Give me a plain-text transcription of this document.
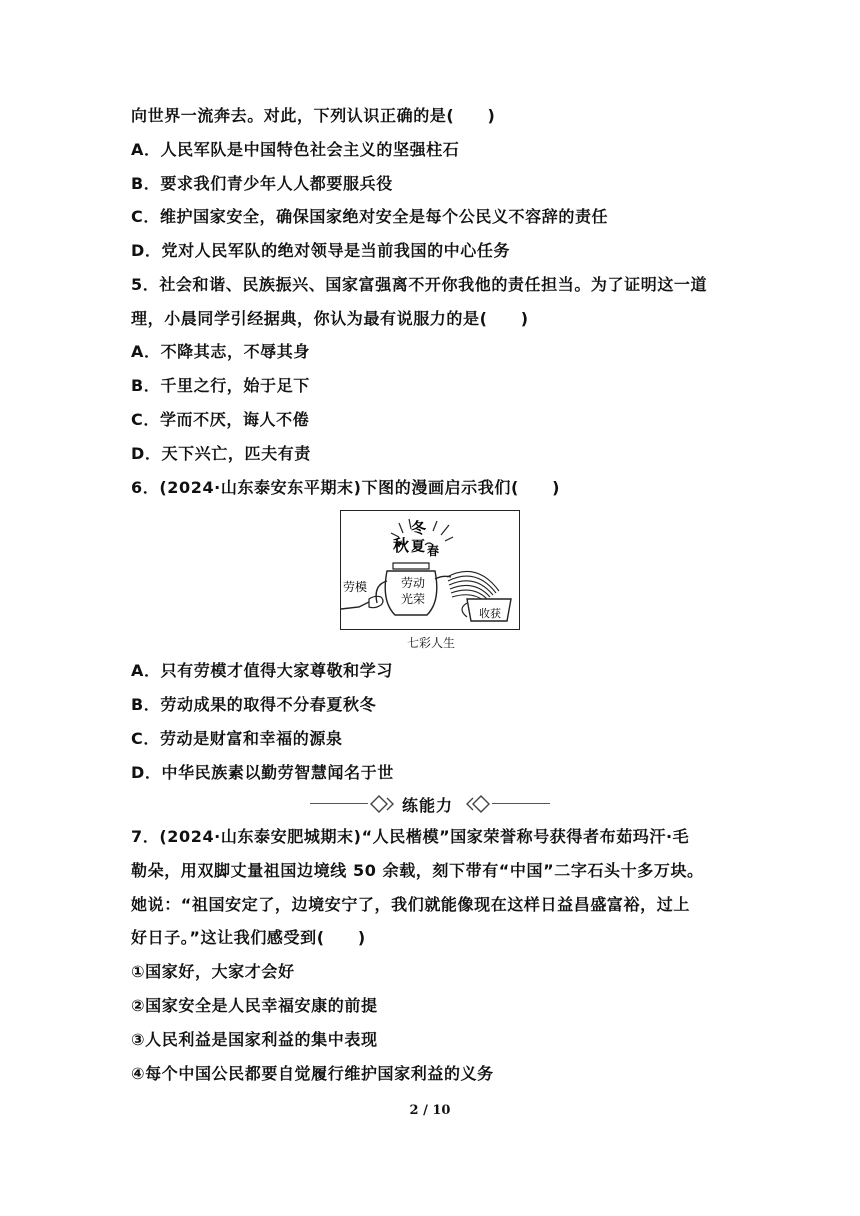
向世界一流奔去。对此，下列认识正确的是(　　)
A．人民军队是中国特色社会主义的坚强柱石
B．要求我们青少年人人都要服兵役
C．维护国家安全，确保国家绝对安全是每个公民义不容辞的责任
D．党对人民军队的绝对领导是当前我国的中心任务
5．社会和谐、民族振兴、国家富强离不开你我他的责任担当。为了证明这一道
理，小晨同学引经据典，你认为最有说服力的是(　　)
A．不降其志，不辱其身
B．千里之行，始于足下
C．学而不厌，诲人不倦
D．天下兴亡，匹夫有责
6．(2024·山东泰安东平期末)下图的漫画启示我们(　　)
冬
秋 夏 春
劳模	劳动
光荣
收获
七彩人生
A．只有劳模才值得大家尊敬和学习
B．劳动成果的取得不分春夏秋冬
C．劳动是财富和幸福的源泉
D．中华民族素以勤劳智慧闻名于世
练能力
7．(2024·山东泰安肥城期末)“人民楷模”国家荣誉称号获得者布茹玛汗·毛
勒朵，用双脚丈量祖国边境线 50 余载，刻下带有“中国”二字石头十多万块。
她说：“祖国安定了，边境安宁了，我们就能像现在这样日益昌盛富裕，过上
好日子。”这让我们感受到(　　)
①国家好，大家才会好
②国家安全是人民幸福安康的前提
③人民利益是国家利益的集中表现
④每个中国公民都要自觉履行维护国家利益的义务
2 / 10
